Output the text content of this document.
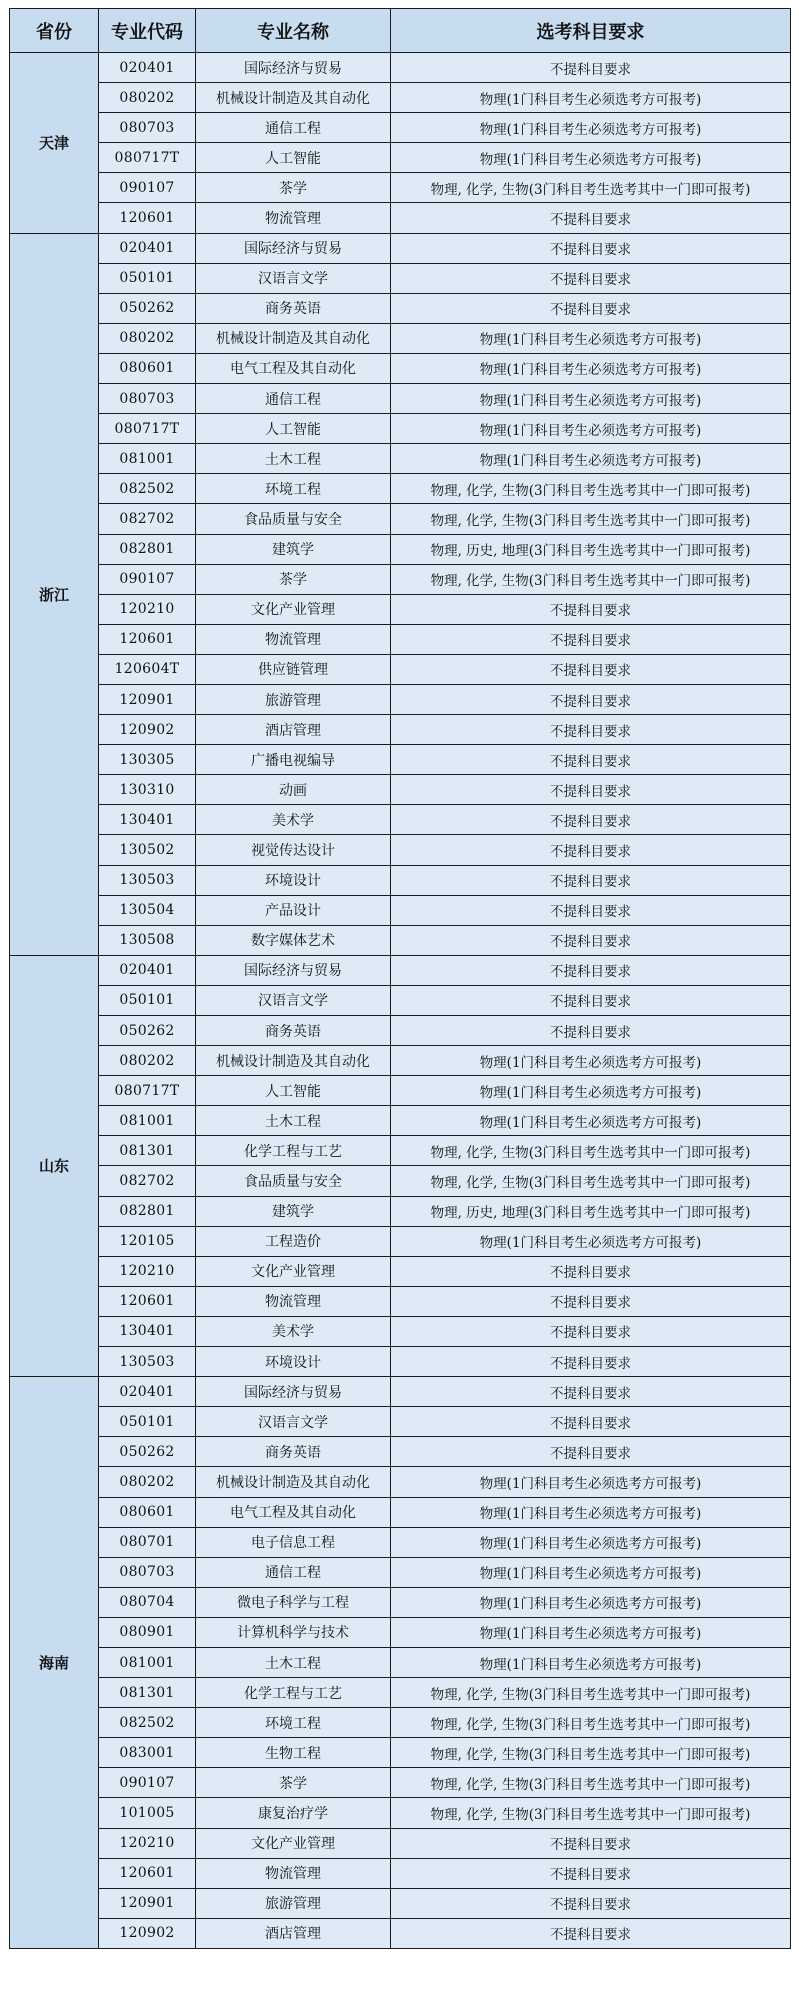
省份	专业代码	专业名称	选考科目要求
天津	020401	国际经济与贸易	不提科目要求
	080202	机械设计制造及其自动化	物理(1门科目考生必须选考方可报考)
	080703	通信工程	物理(1门科目考生必须选考方可报考)
	080717T	人工智能	物理(1门科目考生必须选考方可报考)
	090107	茶学	物理, 化学, 生物(3门科目考生选考其中一门即可报考)
	120601	物流管理	不提科目要求
浙江	020401	国际经济与贸易	不提科目要求
	050101	汉语言文学	不提科目要求
	050262	商务英语	不提科目要求
	080202	机械设计制造及其自动化	物理(1门科目考生必须选考方可报考)
	080601	电气工程及其自动化	物理(1门科目考生必须选考方可报考)
	080703	通信工程	物理(1门科目考生必须选考方可报考)
	080717T	人工智能	物理(1门科目考生必须选考方可报考)
	081001	土木工程	物理(1门科目考生必须选考方可报考)
	082502	环境工程	物理, 化学, 生物(3门科目考生选考其中一门即可报考)
	082702	食品质量与安全	物理, 化学, 生物(3门科目考生选考其中一门即可报考)
	082801	建筑学	物理, 历史, 地理(3门科目考生选考其中一门即可报考)
	090107	茶学	物理, 化学, 生物(3门科目考生选考其中一门即可报考)
	120210	文化产业管理	不提科目要求
	120601	物流管理	不提科目要求
	120604T	供应链管理	不提科目要求
	120901	旅游管理	不提科目要求
	120902	酒店管理	不提科目要求
	130305	广播电视编导	不提科目要求
	130310	动画	不提科目要求
	130401	美术学	不提科目要求
	130502	视觉传达设计	不提科目要求
	130503	环境设计	不提科目要求
	130504	产品设计	不提科目要求
	130508	数字媒体艺术	不提科目要求
山东	020401	国际经济与贸易	不提科目要求
	050101	汉语言文学	不提科目要求
	050262	商务英语	不提科目要求
	080202	机械设计制造及其自动化	物理(1门科目考生必须选考方可报考)
	080717T	人工智能	物理(1门科目考生必须选考方可报考)
	081001	土木工程	物理(1门科目考生必须选考方可报考)
	081301	化学工程与工艺	物理, 化学, 生物(3门科目考生选考其中一门即可报考)
	082702	食品质量与安全	物理, 化学, 生物(3门科目考生选考其中一门即可报考)
	082801	建筑学	物理, 历史, 地理(3门科目考生选考其中一门即可报考)
	120105	工程造价	物理(1门科目考生必须选考方可报考)
	120210	文化产业管理	不提科目要求
	120601	物流管理	不提科目要求
	130401	美术学	不提科目要求
	130503	环境设计	不提科目要求
海南	020401	国际经济与贸易	不提科目要求
	050101	汉语言文学	不提科目要求
	050262	商务英语	不提科目要求
	080202	机械设计制造及其自动化	物理(1门科目考生必须选考方可报考)
	080601	电气工程及其自动化	物理(1门科目考生必须选考方可报考)
	080701	电子信息工程	物理(1门科目考生必须选考方可报考)
	080703	通信工程	物理(1门科目考生必须选考方可报考)
	080704	微电子科学与工程	物理(1门科目考生必须选考方可报考)
	080901	计算机科学与技术	物理(1门科目考生必须选考方可报考)
	081001	土木工程	物理(1门科目考生必须选考方可报考)
	081301	化学工程与工艺	物理, 化学, 生物(3门科目考生选考其中一门即可报考)
	082502	环境工程	物理, 化学, 生物(3门科目考生选考其中一门即可报考)
	083001	生物工程	物理, 化学, 生物(3门科目考生选考其中一门即可报考)
	090107	茶学	物理, 化学, 生物(3门科目考生选考其中一门即可报考)
	101005	康复治疗学	物理, 化学, 生物(3门科目考生选考其中一门即可报考)
	120210	文化产业管理	不提科目要求
	120601	物流管理	不提科目要求
	120901	旅游管理	不提科目要求
	120902	酒店管理	不提科目要求
